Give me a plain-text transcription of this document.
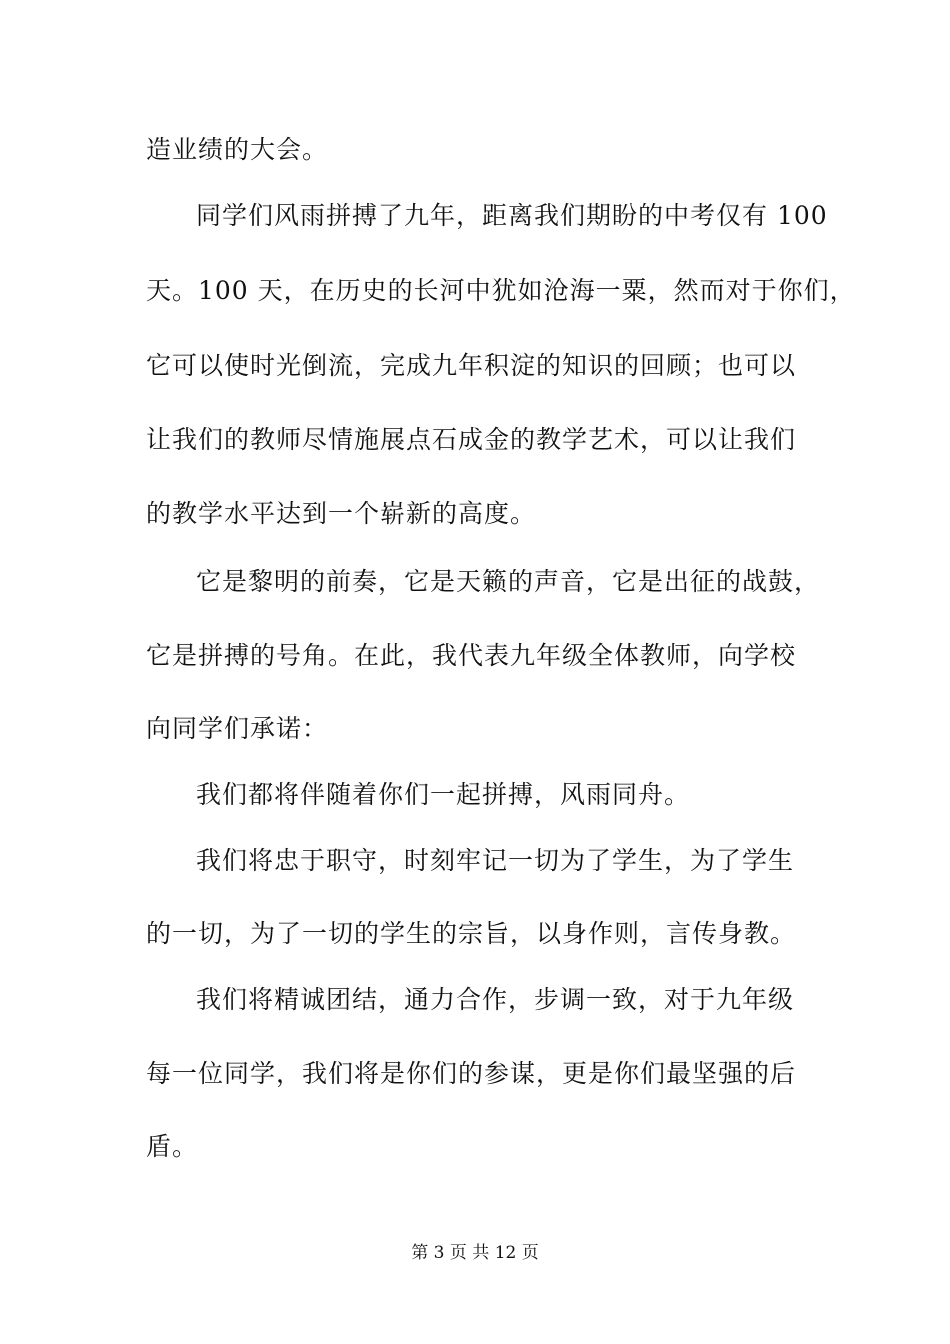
造业绩的大会。
同学们风雨拼搏了九年，距离我们期盼的中考仅有 100
天。100 天，在历史的长河中犹如沧海一粟，然而对于你们，
它可以使时光倒流，完成九年积淀的知识的回顾；也可以
让我们的教师尽情施展点石成金的教学艺术，可以让我们
的教学水平达到一个崭新的高度。
它是黎明的前奏，它是天籁的声音，它是出征的战鼓，
它是拼搏的号角。在此，我代表九年级全体教师，向学校
向同学们承诺：
我们都将伴随着你们一起拼搏，风雨同舟。
我们将忠于职守，时刻牢记一切为了学生，为了学生
的一切，为了一切的学生的宗旨，以身作则，言传身教。
我们将精诚团结，通力合作，步调一致，对于九年级
每一位同学，我们将是你们的参谋，更是你们最坚强的后
盾。
第 3 页 共 12 页
